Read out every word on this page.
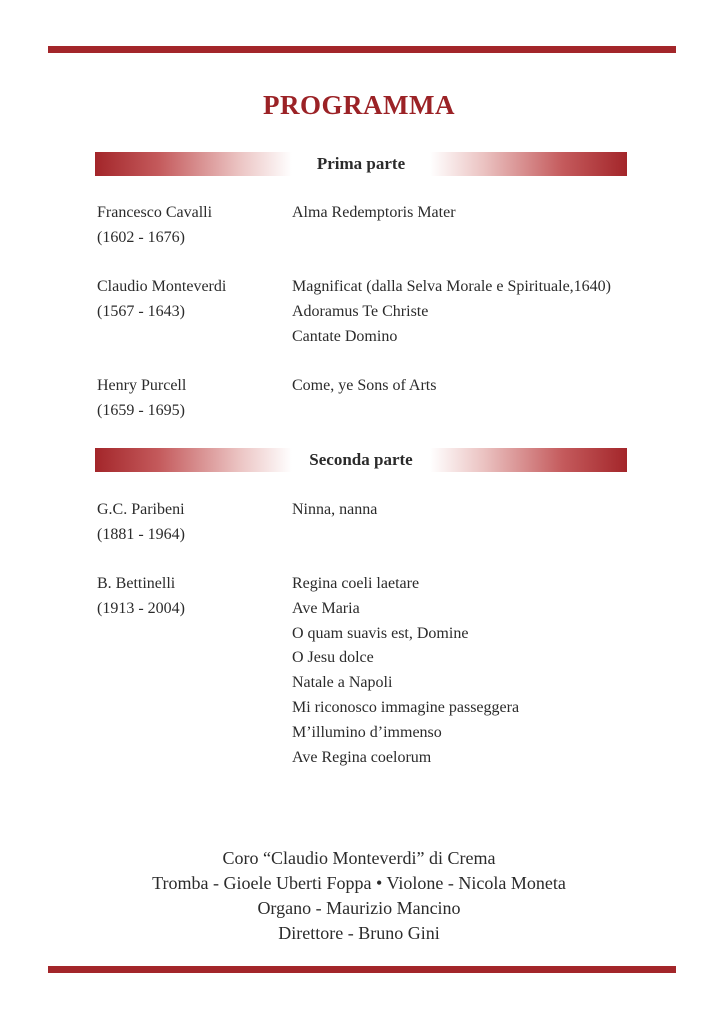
PROGRAMMA
Prima parte
Francesco Cavalli
(1602 - 1676)
Alma Redemptoris Mater
Claudio Monteverdi
(1567 - 1643)
Magnificat (dalla Selva Morale e Spirituale,1640)
Adoramus Te Christe
Cantate Domino
Henry Purcell
(1659 - 1695)
Come, ye Sons of Arts
Seconda parte
G.C. Paribeni
(1881 - 1964)
Ninna, nanna
B. Bettinelli
(1913 - 2004)
Regina coeli laetare
Ave Maria
O quam suavis est, Domine
O Jesu dolce
Natale a Napoli
Mi riconosco immagine passeggera
M’illumino d’immenso
Ave Regina coelorum
Coro “Claudio Monteverdi” di Crema
Tromba - Gioele Uberti Foppa • Violone - Nicola Moneta
Organo - Maurizio Mancino
Direttore - Bruno Gini
